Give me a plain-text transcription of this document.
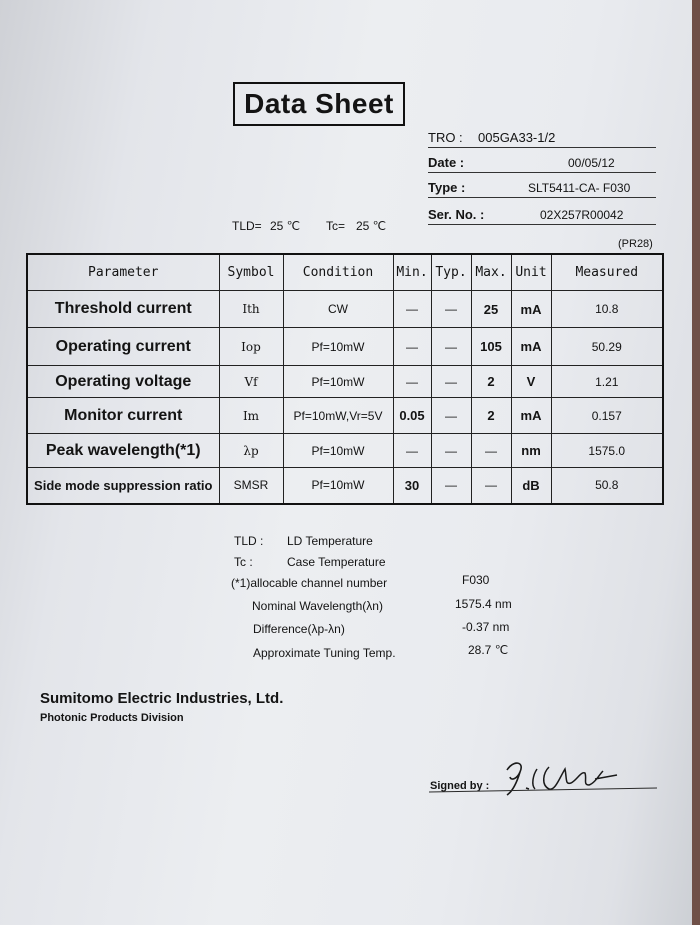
Data Sheet
TRO : 005GA33-1/2
Date :	00/05/12
Type :	SLT5411-CA- F030
Ser. No. :	02X257R00042
TLD= 25 ℃ Tc= 25 ℃
(PR28)
Parameter	Symbol	Condition	Min.	Typ.	Max.	Unit	Measured
Threshold current	Ith	CW	—	—	25	mA	10.8
Operating current	Iop	Pf=10mW	—	—	105	mA	50.29
Operating voltage	Vf	Pf=10mW	—	—	2	V	1.21
Monitor current	Im	Pf=10mW,Vr=5V	0.05	—	2	mA	0.157
Peak wavelength(*1)	λp	Pf=10mW	—	—	—	nm	1575.0
Side mode suppression ratio	SMSR	Pf=10mW	30	—	—	dB	50.8
TLD : LD Temperature
Tc :	Case Temperature
(*1)allocable channel number	F030
Nominal Wavelength(λn)	1575.4 nm
Difference(λp-λn)	-0.37 nm
Approximate Tuning Temp.	28.7 ℃
Sumitomo Electric Industries, Ltd.
Photonic Products Division
Signed by :
